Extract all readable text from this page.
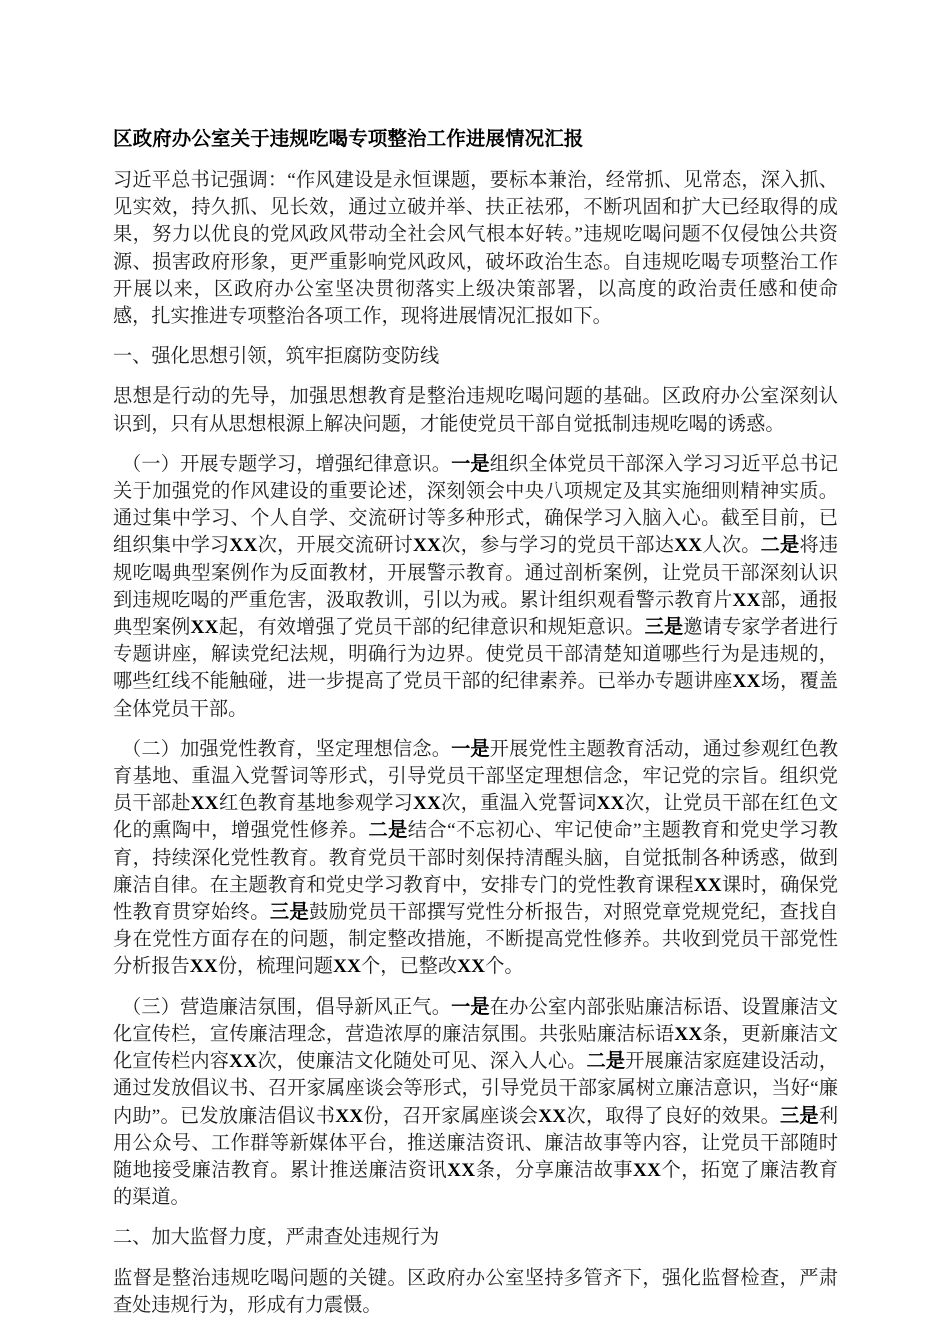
区政府办公室关于违规吃喝专项整治工作进展情况汇报

习近平总书记强调：“作风建设是永恒课题，要标本兼治，经常抓、见常态，深入抓、见实效，持久抓、见长效，通过立破并举、扶正祛邪，不断巩固和扩大已经取得的成果，努力以优良的党风政风带动全社会风气根本好转。”违规吃喝问题不仅侵蚀公共资源、损害政府形象，更严重影响党风政风，破坏政治生态。自违规吃喝专项整治工作开展以来，区政府办公室坚决贯彻落实上级决策部署，以高度的政治责任感和使命感，扎实推进专项整治各项工作，现将进展情况汇报如下。

一、强化思想引领，筑牢拒腐防变防线

思想是行动的先导，加强思想教育是整治违规吃喝问题的基础。区政府办公室深刻认识到，只有从思想根源上解决问题，才能使党员干部自觉抵制违规吃喝的诱惑。

（一）开展专题学习，增强纪律意识。一是组织全体党员干部深入学习习近平总书记关于加强党的作风建设的重要论述，深刻领会中央八项规定及其实施细则精神实质。通过集中学习、个人自学、交流研讨等多种形式，确保学习入脑入心。截至目前，已组织集中学习XX次，开展交流研讨XX次，参与学习的党员干部达XX人次。二是将违规吃喝典型案例作为反面教材，开展警示教育。通过剖析案例，让党员干部深刻认识到违规吃喝的严重危害，汲取教训，引以为戒。累计组织观看警示教育片XX部，通报典型案例XX起，有效增强了党员干部的纪律意识和规矩意识。三是邀请专家学者进行专题讲座，解读党纪法规，明确行为边界。使党员干部清楚知道哪些行为是违规的，哪些红线不能触碰，进一步提高了党员干部的纪律素养。已举办专题讲座XX场，覆盖全体党员干部。

（二）加强党性教育，坚定理想信念。一是开展党性主题教育活动，通过参观红色教育基地、重温入党誓词等形式，引导党员干部坚定理想信念，牢记党的宗旨。组织党员干部赴XX红色教育基地参观学习XX次，重温入党誓词XX次，让党员干部在红色文化的熏陶中，增强党性修养。二是结合“不忘初心、牢记使命”主题教育和党史学习教育，持续深化党性教育。教育党员干部时刻保持清醒头脑，自觉抵制各种诱惑，做到廉洁自律。在主题教育和党史学习教育中，安排专门的党性教育课程XX课时，确保党性教育贯穿始终。三是鼓励党员干部撰写党性分析报告，对照党章党规党纪，查找自身在党性方面存在的问题，制定整改措施，不断提高党性修养。共收到党员干部党性分析报告XX份，梳理问题XX个，已整改XX个。

（三）营造廉洁氛围，倡导新风正气。一是在办公室内部张贴廉洁标语、设置廉洁文化宣传栏，宣传廉洁理念，营造浓厚的廉洁氛围。共张贴廉洁标语XX条，更新廉洁文化宣传栏内容XX次，使廉洁文化随处可见、深入人心。二是开展廉洁家庭建设活动，通过发放倡议书、召开家属座谈会等形式，引导党员干部家属树立廉洁意识，当好“廉内助”。已发放廉洁倡议书XX份，召开家属座谈会XX次，取得了良好的效果。三是利用公众号、工作群等新媒体平台，推送廉洁资讯、廉洁故事等内容，让党员干部随时随地接受廉洁教育。累计推送廉洁资讯XX条，分享廉洁故事XX个，拓宽了廉洁教育的渠道。

二、加大监督力度，严肃查处违规行为

监督是整治违规吃喝问题的关键。区政府办公室坚持多管齐下，强化监督检查，严肃查处违规行为，形成有力震慑。
